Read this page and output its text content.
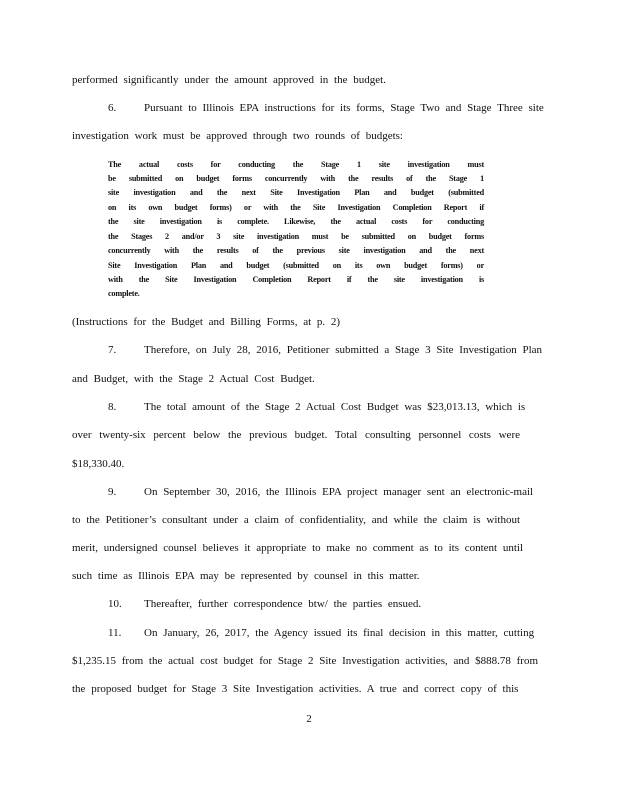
performed significantly under the amount approved in the budget.
6.	Pursuant to Illinois EPA instructions for its forms, Stage Two and Stage Three site
investigation work must be approved through two rounds of budgets:
The actual costs for conducting the Stage 1 site investigation must
be submitted on budget forms concurrently with the results of the Stage 1
site investigation and the next Site Investigation Plan and budget (submitted
on its own budget forms) or with the Site Investigation Completion Report if
the site investigation is complete. Likewise, the actual costs for conducting
the Stages 2 and/or 3 site investigation must be submitted on budget forms
concurrently with the results of the previous site investigation and the next
Site Investigation Plan and budget (submitted on its own budget forms) or
with the Site Investigation Completion Report if the site investigation is
complete.
(Instructions for the Budget and Billing Forms, at p. 2)
7.	Therefore, on July 28, 2016, Petitioner submitted a Stage 3 Site Investigation Plan
and Budget, with the Stage 2 Actual Cost Budget.
8.	The total amount of the Stage 2 Actual Cost Budget was $23,013.13, which is
over twenty-six percent below the previous budget. Total consulting personnel costs were
$18,330.40.
9.	On September 30, 2016, the Illinois EPA project manager sent an electronic-mail
to the Petitioner’s consultant under a claim of confidentiality, and while the claim is without
merit, undersigned counsel believes it appropriate to make no comment as to its content until
such time as Illinois EPA may be represented by counsel in this matter.
10. Thereafter, further correspondence btw/ the parties ensued.
11. On January, 26, 2017, the Agency issued its final decision in this matter, cutting
$1,235.15 from the actual cost budget for Stage 2 Site Investigation activities, and $888.78 from
the proposed budget for Stage 3 Site Investigation activities. A true and correct copy of this
2
